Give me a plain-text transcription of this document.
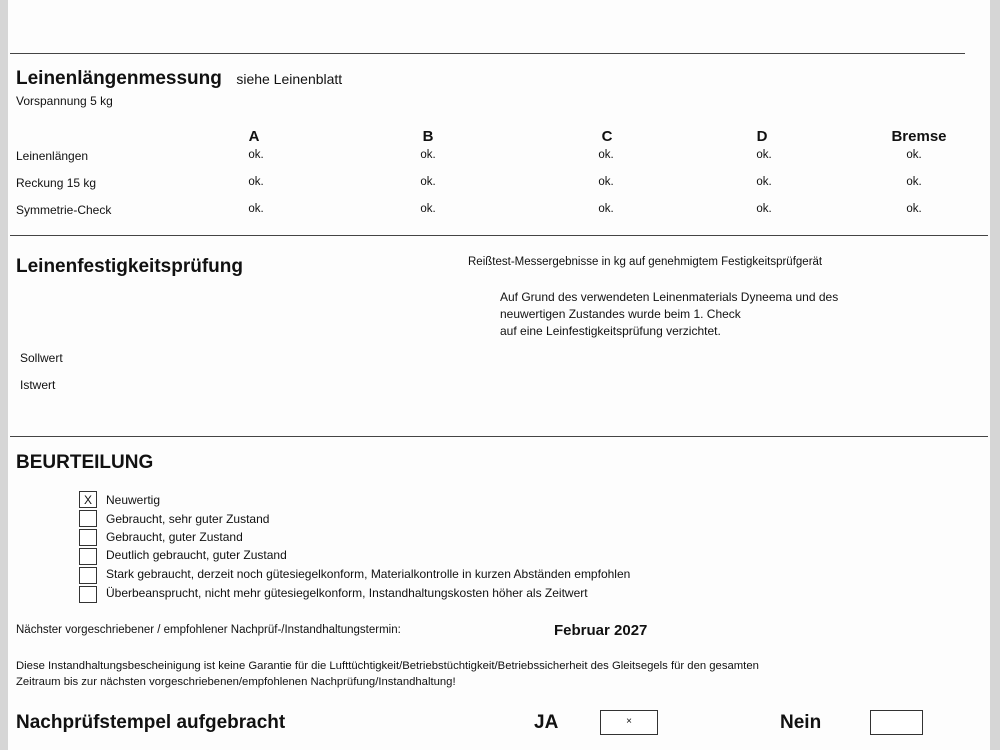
Leinenlängenmessung siehe Leinenblatt
Vorspannung 5 kg
A	B	C	D	Bremse
Leinenlängen	ok.	ok.	ok.	ok.	ok.
Reckung 15 kg	ok.	ok.	ok.	ok.	ok.
Symmetrie-Check	ok.	ok.	ok.	ok.	ok.
Leinenfestigkeitsprüfung	Reißtest-Messergebnisse in kg auf genehmigtem Festigkeitsprüfgerät
Auf Grund des verwendeten Leinenmaterials Dyneema und des
neuwertigen Zustandes wurde beim 1. Check
auf eine Leinfestigkeitsprüfung verzichtet.
Sollwert
Istwert
BEURTEILUNG
X	Neuwertig
Gebraucht, sehr guter Zustand
Gebraucht, guter Zustand
Deutlich gebraucht, guter Zustand
Stark gebraucht, derzeit noch gütesiegelkonform, Materialkontrolle in kurzen Abständen empfohlen
Überbeansprucht, nicht mehr gütesiegelkonform, Instandhaltungskosten höher als Zeitwert
Nächster vorgeschriebener / empfohlener Nachprüf-/Instandhaltungstermin:	Februar 2027
Diese Instandhaltungsbescheinigung ist keine Garantie für die Lufttüchtigkeit/Betriebstüchtigkeit/Betriebssicherheit des Gleitsegels für den gesamten
Zeitraum bis zur nächsten vorgeschriebenen/empfohlenen Nachprüfung/Instandhaltung!
Nachprüfstempel aufgebracht	JA	×	Nein
